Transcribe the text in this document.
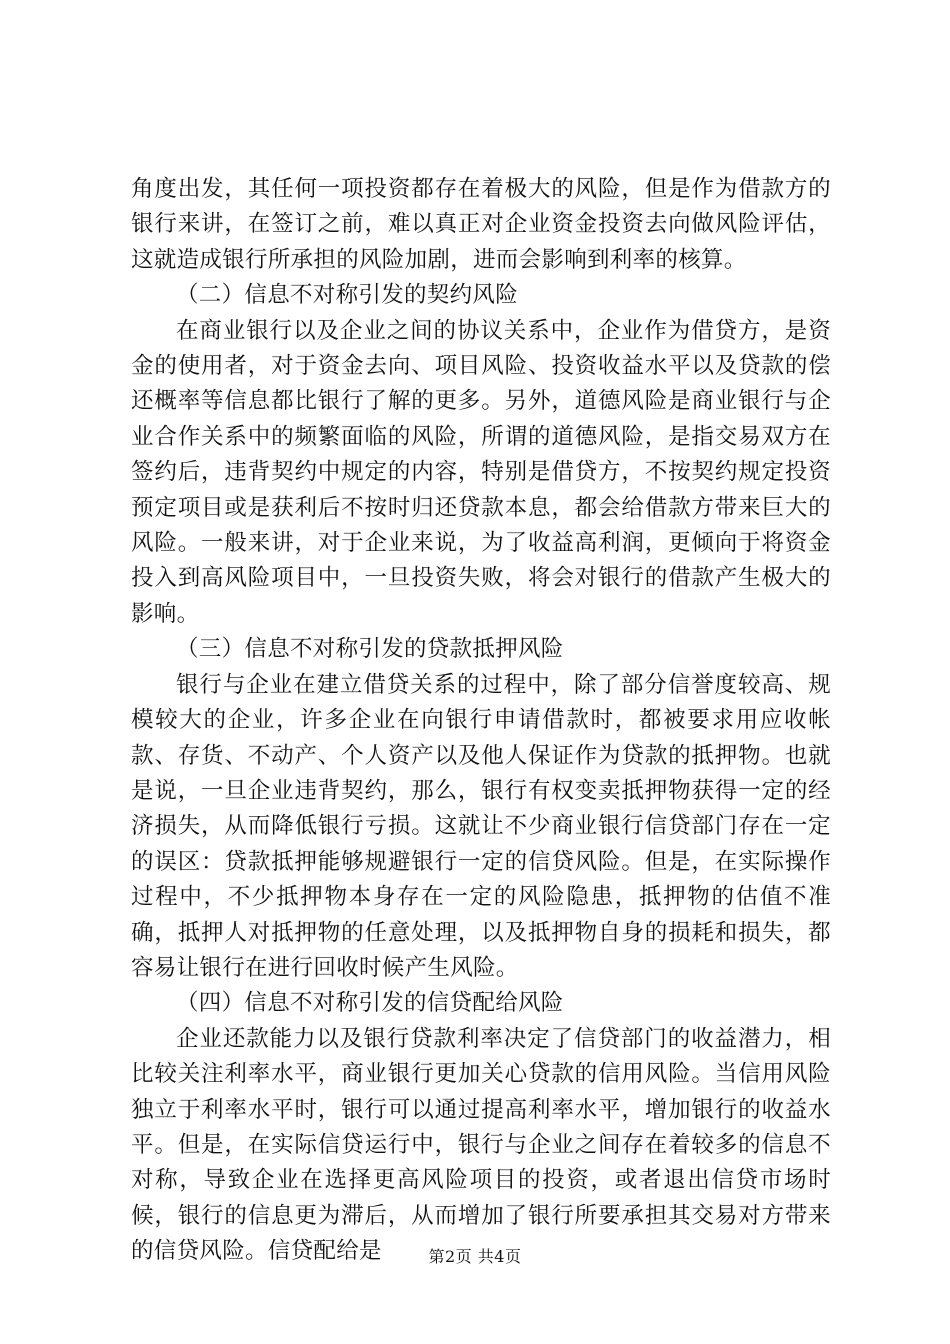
角度出发，其任何一项投资都存在着极大的风险，但是作为借款方的银行来讲，在签订之前，难以真正对企业资金投资去向做风险评估，这就造成银行所承担的风险加剧，进而会影响到利率的核算。

（二）信息不对称引发的契约风险

在商业银行以及企业之间的协议关系中，企业作为借贷方，是资金的使用者，对于资金去向、项目风险、投资收益水平以及贷款的偿还概率等信息都比银行了解的更多。另外，道德风险是商业银行与企业合作关系中的频繁面临的风险，所谓的道德风险，是指交易双方在签约后，违背契约中规定的内容，特别是借贷方，不按契约规定投资预定项目或是获利后不按时归还贷款本息，都会给借款方带来巨大的风险。一般来讲，对于企业来说，为了收益高利润，更倾向于将资金投入到高风险项目中，一旦投资失败，将会对银行的借款产生极大的影响。

（三）信息不对称引发的贷款抵押风险

银行与企业在建立借贷关系的过程中，除了部分信誉度较高、规模较大的企业，许多企业在向银行申请借款时，都被要求用应收帐款、存货、不动产、个人资产以及他人保证作为贷款的抵押物。也就是说，一旦企业违背契约，那么，银行有权变卖抵押物获得一定的经济损失，从而降低银行亏损。这就让不少商业银行信贷部门存在一定的误区：贷款抵押能够规避银行一定的信贷风险。但是，在实际操作过程中，不少抵押物本身存在一定的风险隐患，抵押物的估值不准确，抵押人对抵押物的任意处理，以及抵押物自身的损耗和损失，都容易让银行在进行回收时候产生风险。

（四）信息不对称引发的信贷配给风险

企业还款能力以及银行贷款利率决定了信贷部门的收益潜力，相比较关注利率水平，商业银行更加关心贷款的信用风险。当信用风险独立于利率水平时，银行可以通过提高利率水平，增加银行的收益水平。但是，在实际信贷运行中，银行与企业之间存在着较多的信息不对称，导致企业在选择更高风险项目的投资，或者退出信贷市场时候，银行的信息更为滞后，从而增加了银行所要承担其交易对方带来的信贷风险。信贷配给是	第2页 共4页
